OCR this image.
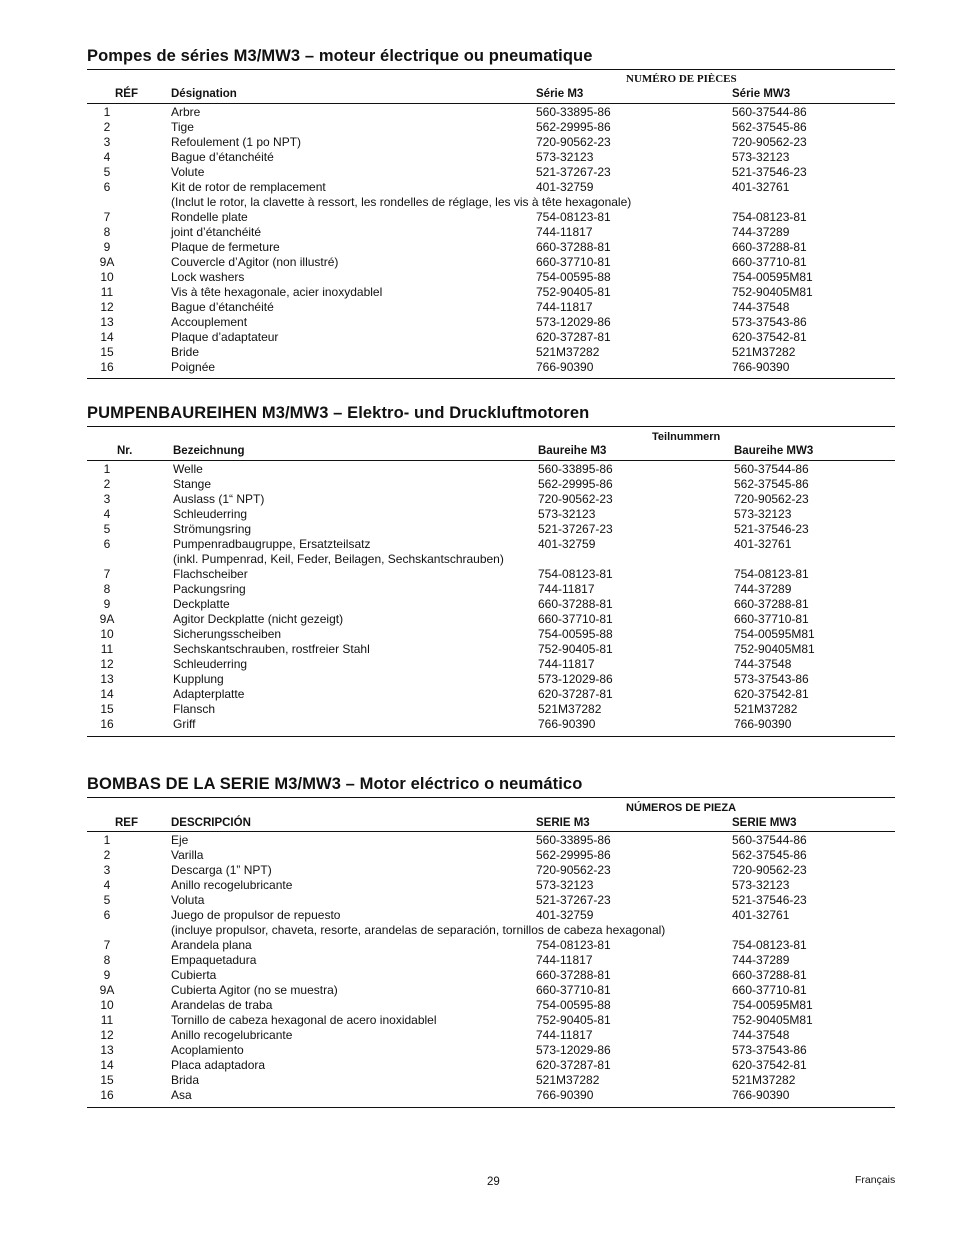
Pompes de séries M3/MW3 – moteur électrique ou pneumatique
NUMÉRO DE PIÈCES
RÉF	Désignation	Série M3	Série MW3
1	Arbre	560-33895-86	560-37544-86
2	Tige	562-29995-86	562-37545-86
3	Refoulement (1 po NPT)	720-90562-23	720-90562-23
4	Bague d’étanchéité	573-32123	573-32123
5	Volute	521-37267-23	521-37546-23
6	Kit de rotor de remplacement	401-32759	401-32761
(Inclut le rotor, la clavette à ressort, les rondelles de réglage, les vis à tête hexagonale)
7	Rondelle plate	754-08123-81	754-08123-81
8	joint d’étanchéité	744-11817	744-37289
9	Plaque de fermeture	660-37288-81	660-37288-81
9A	Couvercle d’Agitor (non illustré)	660-37710-81	660-37710-81
10	Lock washers	754-00595-88	754-00595M81
11	Vis à tête hexagonale, acier inoxydablel	752-90405-81	752-90405M81
12	Bague d’étanchéité	744-11817	744-37548
13	Accouplement	573-12029-86	573-37543-86
14	Plaque d’adaptateur	620-37287-81	620-37542-81
15	Bride	521M37282	521M37282
16	Poignée	766-90390	766-90390
PUMPENBAUREIHEN M3/MW3 – Elektro- und Druckluftmotoren
Teilnummern
Nr.	Bezeichnung	Baureihe M3	Baureihe MW3
1	Welle	560-33895-86	560-37544-86
2	Stange	562-29995-86	562-37545-86
3	Auslass (1“ NPT)	720-90562-23	720-90562-23
4	Schleuderring	573-32123	573-32123
5	Strömungsring	521-37267-23	521-37546-23
6	Pumpenradbaugruppe, Ersatzteilsatz	401-32759	401-32761
(inkl. Pumpenrad, Keil, Feder, Beilagen, Sechskantschrauben)
7	Flachscheiber	754-08123-81	754-08123-81
8	Packungsring	744-11817	744-37289
9	Deckplatte	660-37288-81	660-37288-81
9A	Agitor Deckplatte (nicht gezeigt)	660-37710-81	660-37710-81
10	Sicherungsscheiben	754-00595-88	754-00595M81
11	Sechskantschrauben, rostfreier Stahl	752-90405-81	752-90405M81
12	Schleuderring	744-11817	744-37548
13	Kupplung	573-12029-86	573-37543-86
14	Adapterplatte	620-37287-81	620-37542-81
15	Flansch	521M37282	521M37282
16	Griff	766-90390	766-90390
BOMBAS DE LA SERIE M3/MW3 – Motor eléctrico o neumático
NÚMEROS DE PIEZA
REF	DESCRIPCIÓN	SERIE M3	SERIE MW3
1	Eje	560-33895-86	560-37544-86
2	Varilla	562-29995-86	562-37545-86
3	Descarga (1” NPT)	720-90562-23	720-90562-23
4	Anillo recogelubricante	573-32123	573-32123
5	Voluta	521-37267-23	521-37546-23
6	Juego de propulsor de repuesto	401-32759	401-32761
(incluye propulsor, chaveta, resorte, arandelas de separación, tornillos de cabeza hexagonal)
7	Arandela plana	754-08123-81	754-08123-81
8	Empaquetadura	744-11817	744-37289
9	Cubierta	660-37288-81	660-37288-81
9A	Cubierta Agitor (no se muestra)	660-37710-81	660-37710-81
10	Arandelas de traba	754-00595-88	754-00595M81
11	Tornillo de cabeza hexagonal de acero inoxidablel	752-90405-81	752-90405M81
12	Anillo recogelubricante	744-11817	744-37548
13	Acoplamiento	573-12029-86	573-37543-86
14	Placa adaptadora	620-37287-81	620-37542-81
15	Brida	521M37282	521M37282
16	Asa	766-90390	766-90390
29	Français
